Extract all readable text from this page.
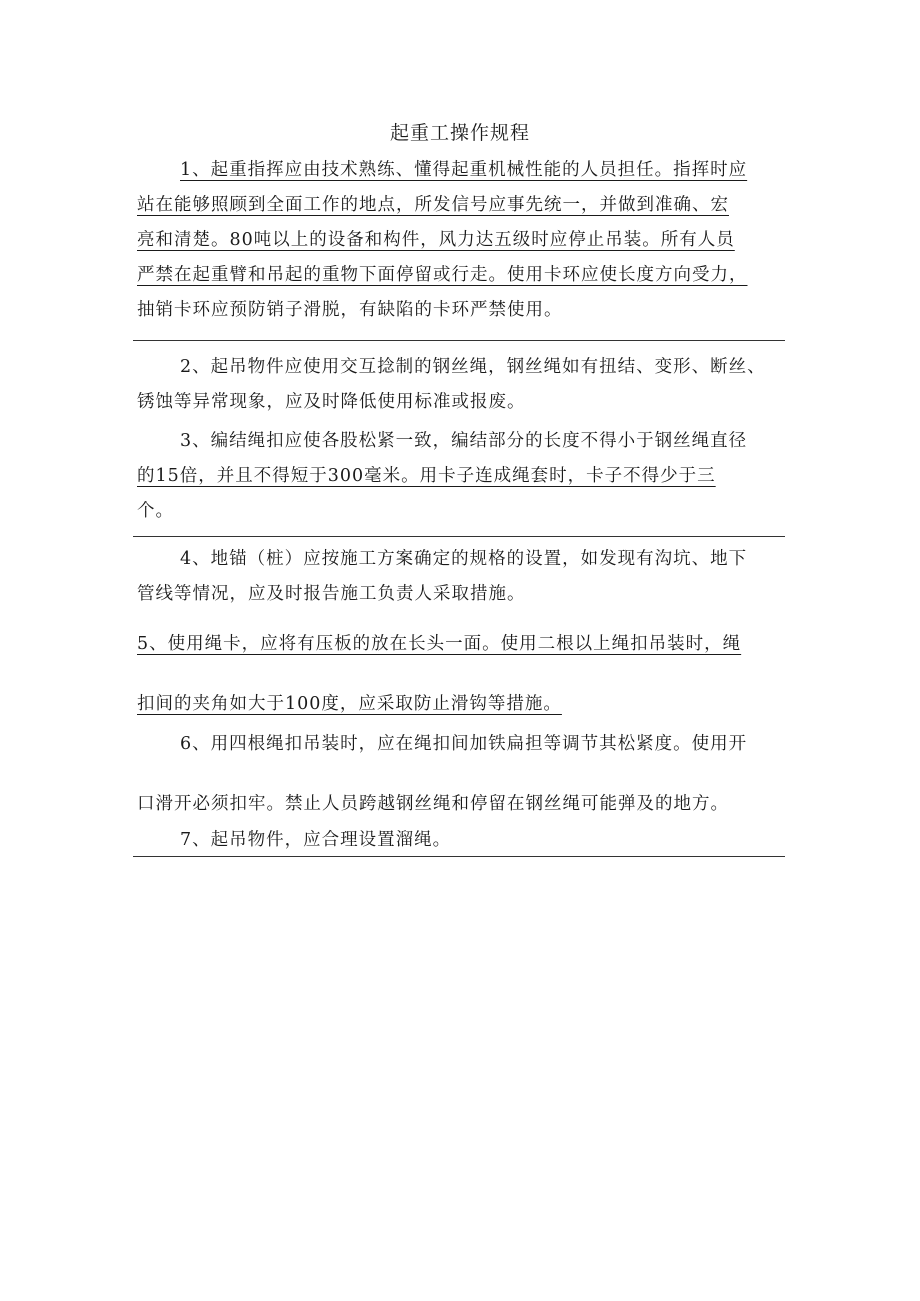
起重工操作规程
1、起重指挥应由技术熟练、懂得起重机械性能的人员担任。指挥时应
站在能够照顾到全面工作的地点，所发信号应事先统一，并做到准确、宏
亮和清楚。80吨以上的设备和构件，风力达五级时应停止吊装。所有人员
严禁在起重臂和吊起的重物下面停留或行走。使用卡环应使长度方向受力，
抽销卡环应预防销子滑脱，有缺陷的卡环严禁使用。
2、起吊物件应使用交互捻制的钢丝绳，钢丝绳如有扭结、变形、断丝、
锈蚀等异常现象，应及时降低使用标准或报废。
3、编结绳扣应使各股松紧一致，编结部分的长度不得小于钢丝绳直径
的15倍，并且不得短于300毫米。用卡子连成绳套时，卡子不得少于三
个。
4、地锚（桩）应按施工方案确定的规格的设置，如发现有沟坑、地下
管线等情况，应及时报告施工负责人采取措施。
5、使用绳卡，应将有压板的放在长头一面。使用二根以上绳扣吊装时，绳
扣间的夹角如大于100度，应采取防止滑钩等措施。
6、用四根绳扣吊装时，应在绳扣间加铁扁担等调节其松紧度。使用开
口滑开必须扣牢。禁止人员跨越钢丝绳和停留在钢丝绳可能弹及的地方。
7、起吊物件，应合理设置溜绳。
